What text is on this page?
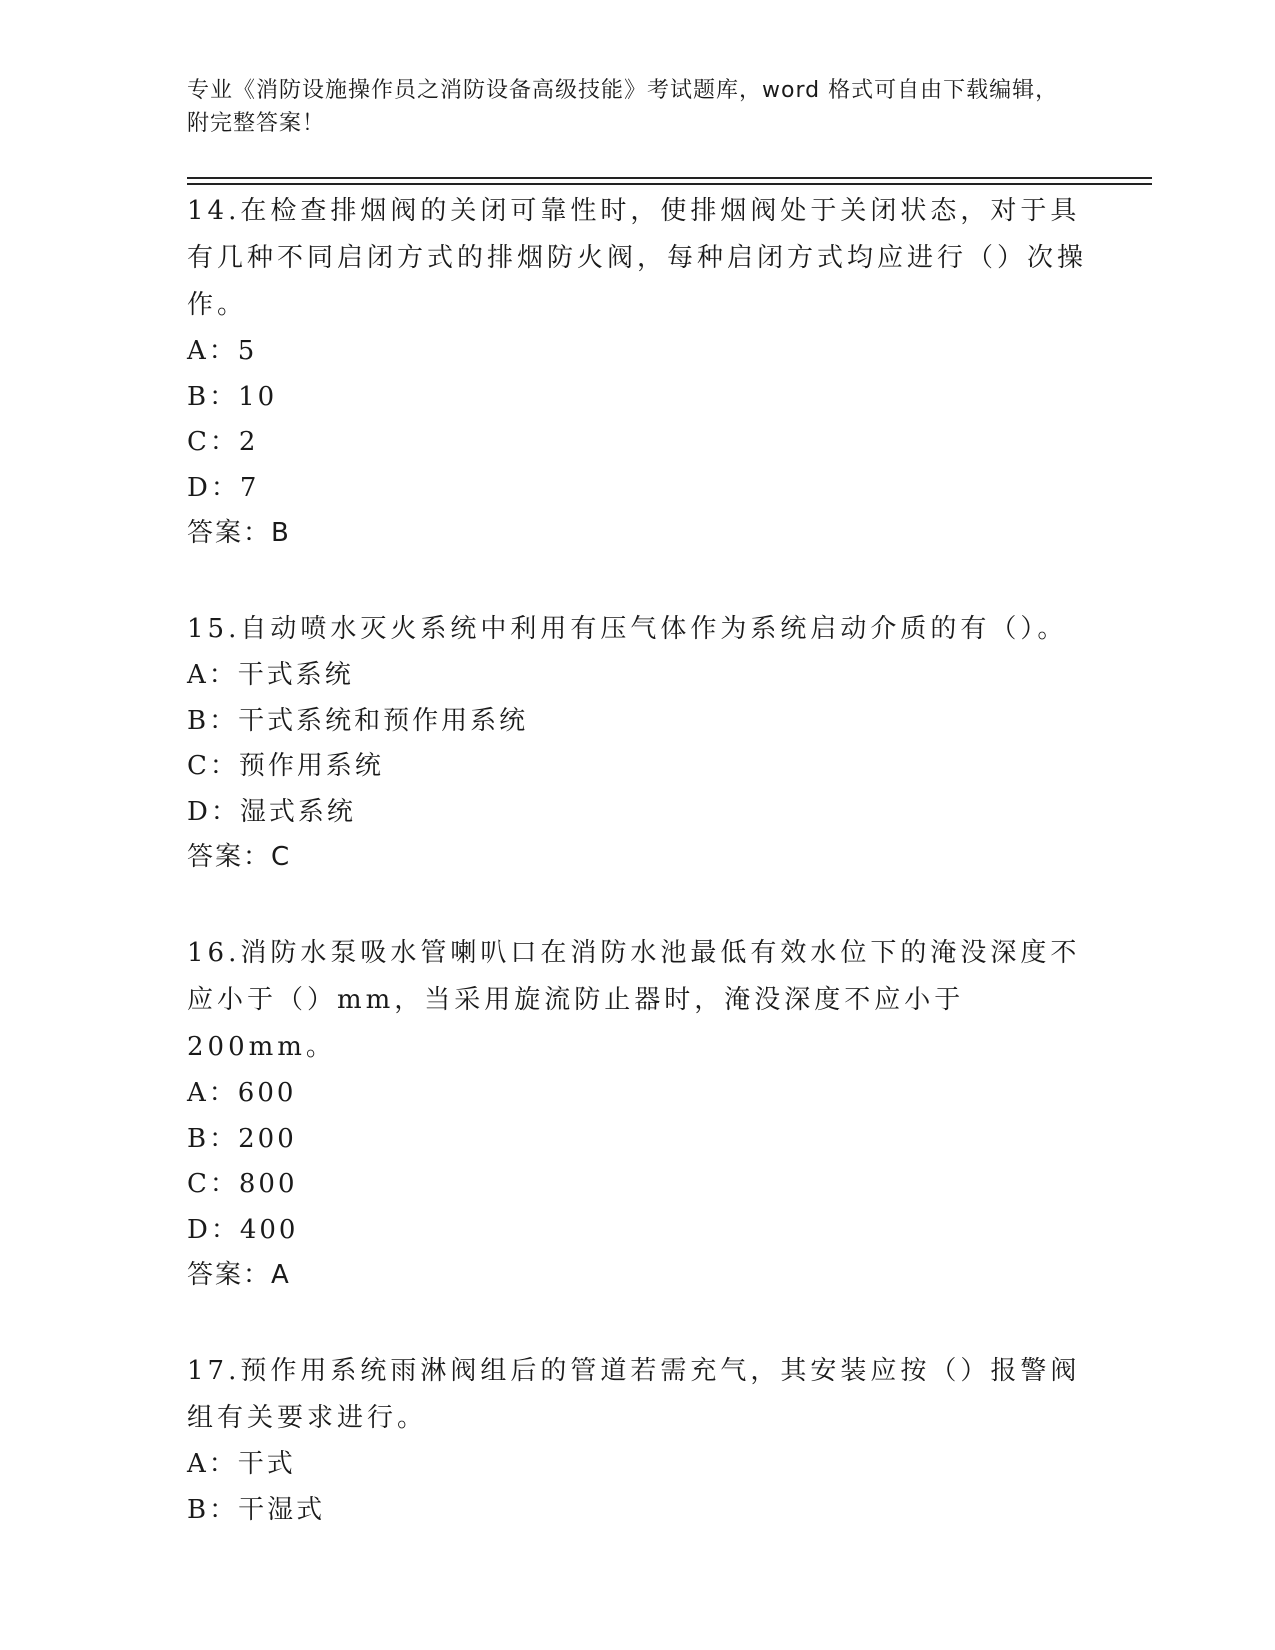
专业《消防设施操作员之消防设备高级技能》考试题库，word 格式可自由下载编辑，附完整答案！

14.在检查排烟阀的关闭可靠性时，使排烟阀处于关闭状态，对于具有几种不同启闭方式的排烟防火阀，每种启闭方式均应进行（）次操作。

A：5

B：10

C：2

D：7

答案：B

15.自动喷水灭火系统中利用有压气体作为系统启动介质的有（）。

A：干式系统

B：干式系统和预作用系统

C：预作用系统

D：湿式系统

答案：C

16.消防水泵吸水管喇叭口在消防水池最低有效水位下的淹没深度不应小于（）mm，当采用旋流防止器时，淹没深度不应小于 200mm。

A：600

B：200

C：800

D：400

答案：A

17.预作用系统雨淋阀组后的管道若需充气，其安装应按（）报警阀组有关要求进行。

A：干式

B：干湿式
